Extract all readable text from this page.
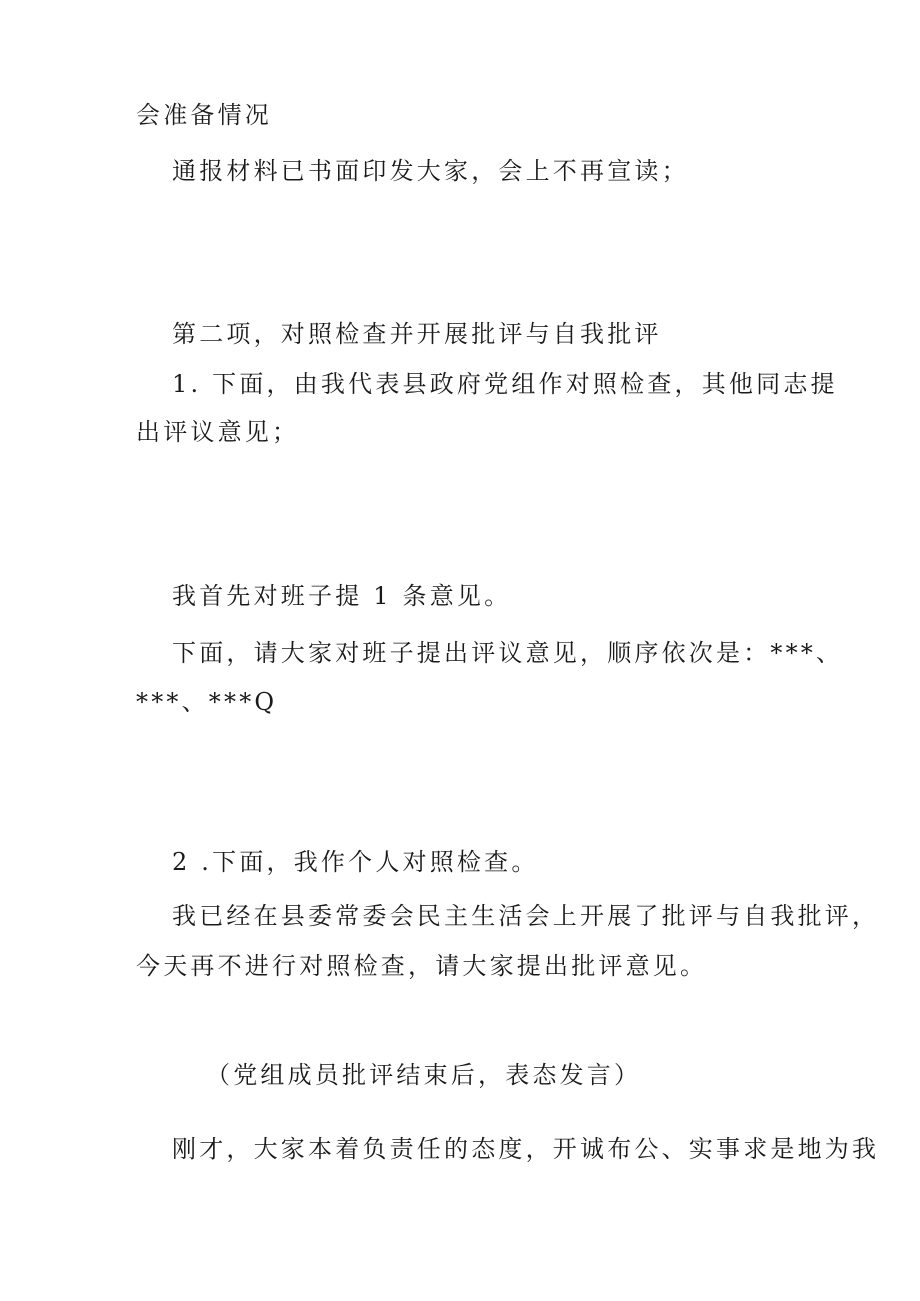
会准备情况
通报材料已书面印发大家，会上不再宣读；
第二项，对照检查并开展批评与自我批评
1. 下面，由我代表县政府党组作对照检查，其他同志提
出评议意见；
我首先对班子提 1 条意见。
下面，请大家对班子提出评议意见，顺序依次是：***、
***、***Q
2 .下面，我作个人对照检查。
我已经在县委常委会民主生活会上开展了批评与自我批评，
今天再不进行对照检查，请大家提出批评意见。
（党组成员批评结束后，表态发言）
刚才，大家本着负责任的态度，开诚布公、实事求是地为我
